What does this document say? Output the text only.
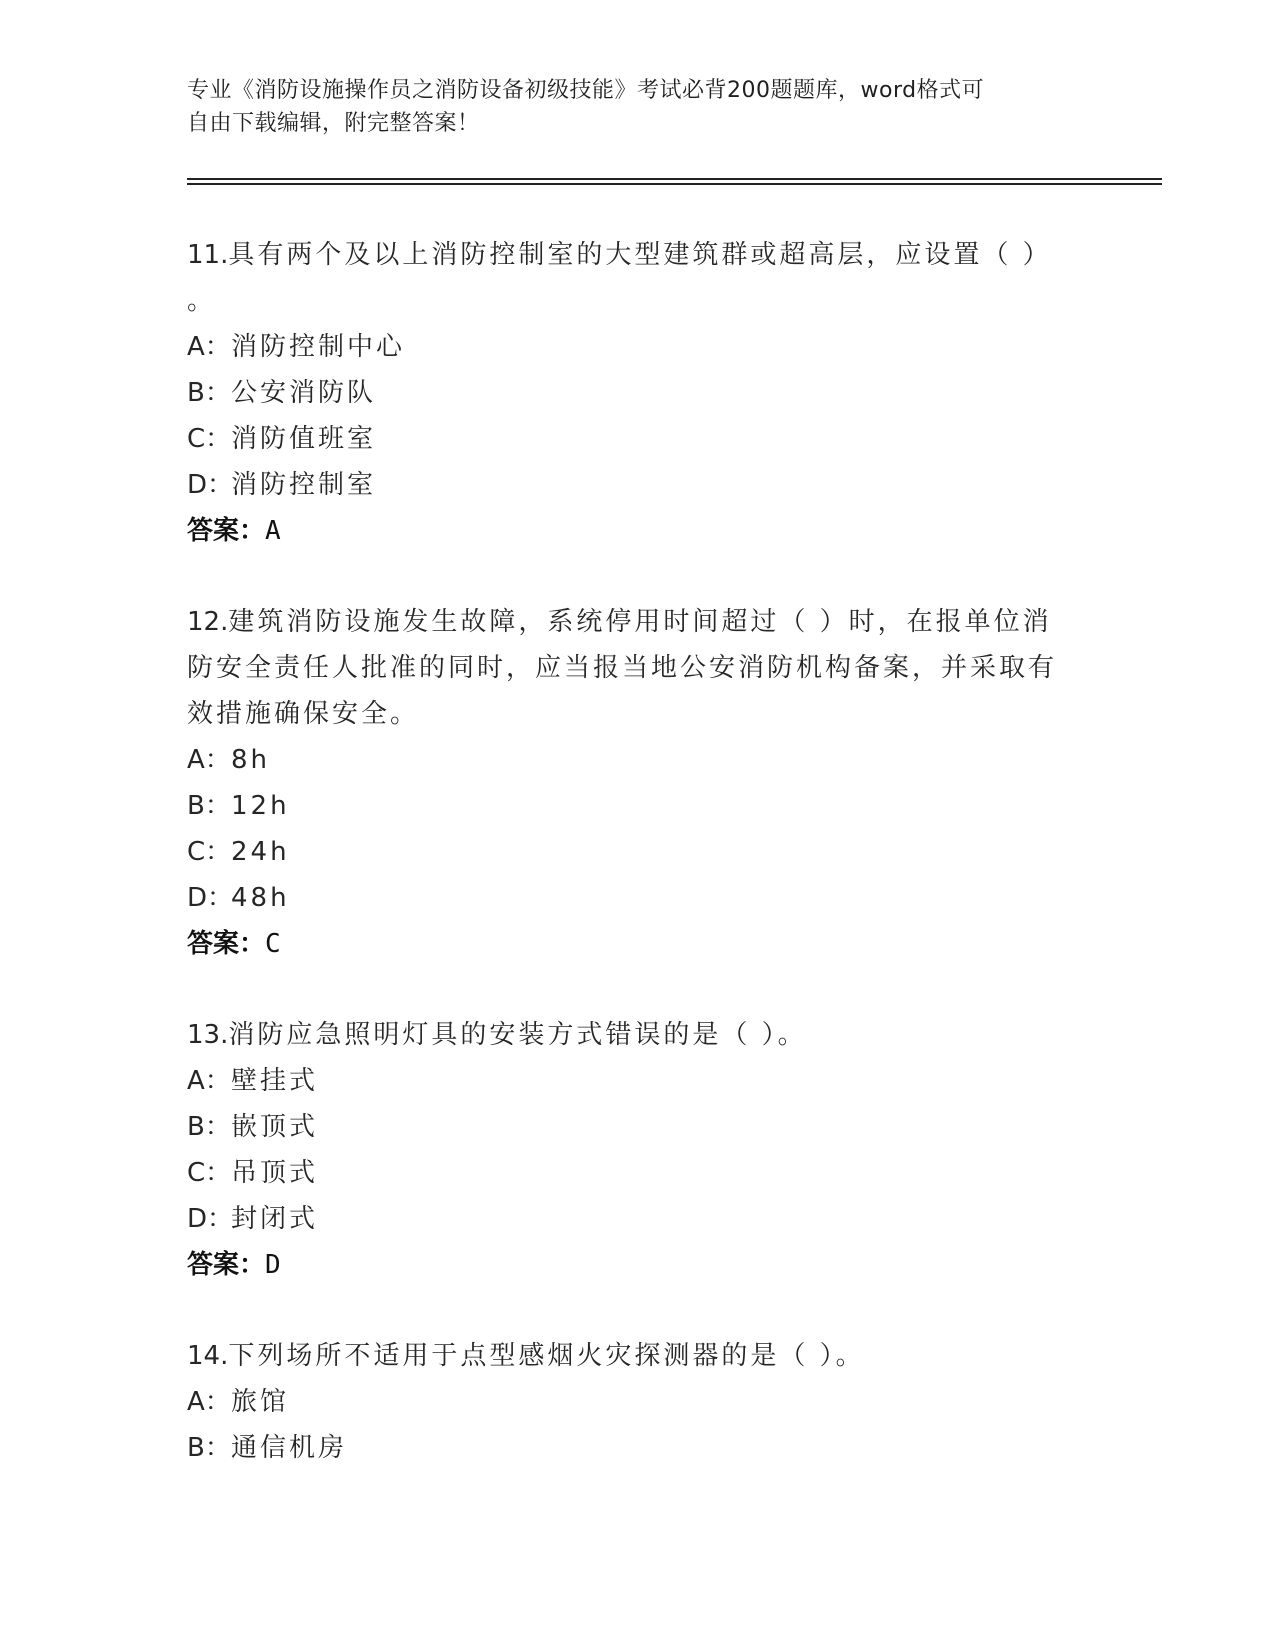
专业《消防设施操作员之消防设备初级技能》考试必背200题题库，word格式可
自由下载编辑，附完整答案！
11.具有两个及以上消防控制室的大型建筑群或超高层，应设置（ ）
。
A： 消防控制中心
B： 公安消防队
C： 消防值班室
D：
消防控制室
答案：A
12.建筑消防设施发生故障，系统停用时间超过（ ）时，在报单位消
防安全责任人批准的同时，应当报当地公安消防机构备案，并采取有
效措施确保安全。
A： 8h
B： 12h
C： 24h
D：
48h
答案：C
13.消防应急照明灯具的安装方式错误的是（ ）。
A： 壁挂式
B： 嵌顶式
C： 吊顶式
D：
封闭式
答案：D
14.下列场所不适用于点型感烟火灾探测器的是（ ）。
A： 旅馆
B： 通信机房
